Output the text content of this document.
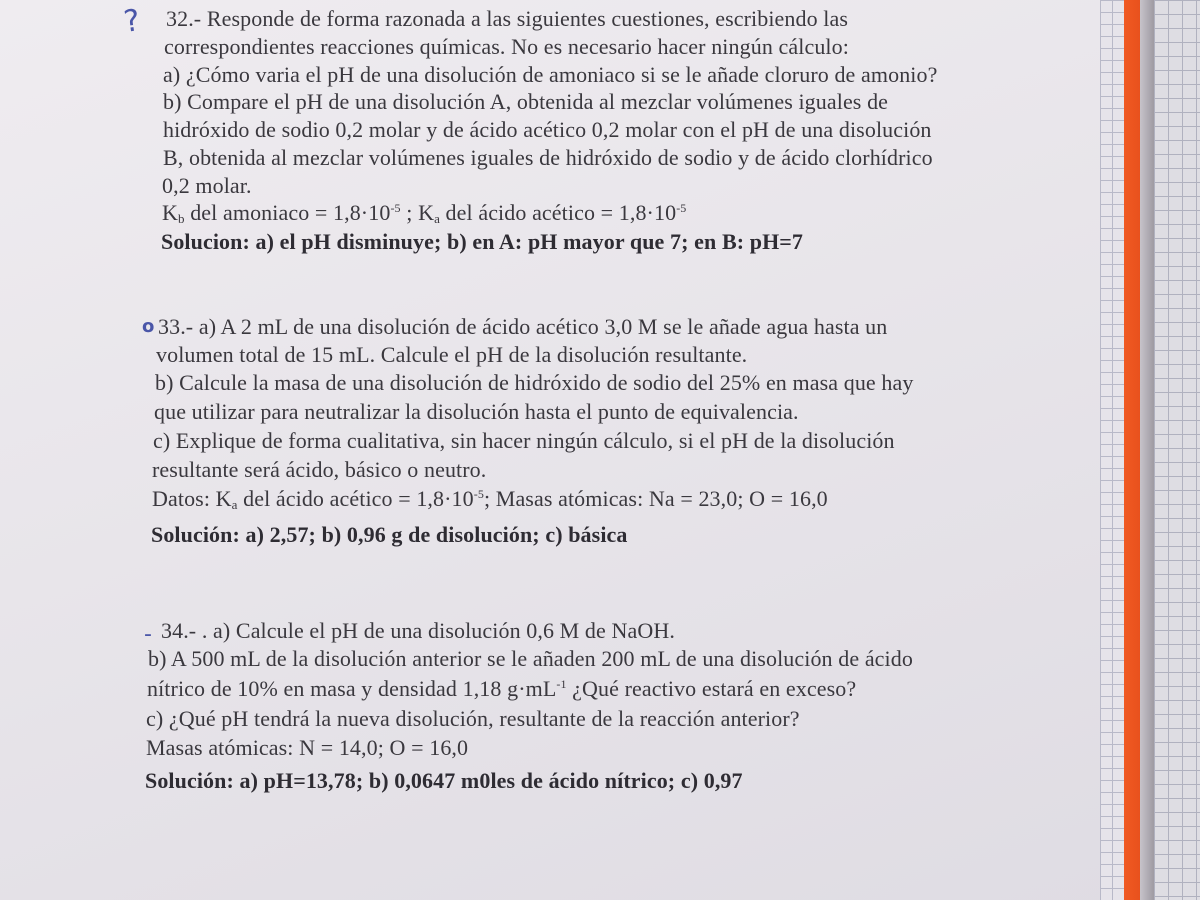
?
o
-
32.- Responde de forma razonada a las siguientes cuestiones, escribiendo las
correspondientes reacciones químicas. No es necesario hacer ningún cálculo:
a) ¿Cómo varia el pH de una disolución de amoniaco si se le añade cloruro de amonio?
b) Compare el pH de una disolución A, obtenida al mezclar volúmenes iguales de
hidróxido de sodio 0,2 molar y de ácido acético 0,2 molar con el pH de una disolución
B, obtenida al mezclar volúmenes iguales de hidróxido de sodio y de ácido clorhídrico
0,2 molar.
$K_b$ del amoniaco = $1,8\cdot 10^{-5}$ ; $K_a$ del ácido acético = $1,8\cdot 10^{-5}$
Solucion: a) el pH disminuye; b) en A: pH mayor que 7; en B: pH=7
33.- a) A 2 mL de una disolución de ácido acético 3,0 M se le añade agua hasta un
volumen total de 15 mL. Calcule el pH de la disolución resultante.
b) Calcule la masa de una disolución de hidróxido de sodio del 25% en masa que hay
que utilizar para neutralizar la disolución hasta el punto de equivalencia.
c) Explique de forma cualitativa, sin hacer ningún cálculo, si el pH de la disolución
resultante será ácido, básico o neutro.
Datos: $K_a$ del ácido acético = $1,8\cdot 10^{-5}$; Masas atómicas: Na = 23,0; O = 16,0
Solución: a) 2,57; b) 0,96 g de disolución; c) básica
34.- . a) Calcule el pH de una disolución 0,6 M de NaOH.
b) A 500 mL de la disolución anterior se le añaden 200 mL de una disolución de ácido
nítrico de 10% en masa y densidad 1,18 $g\cdot mL^{-1}$ ¿Qué reactivo estará en exceso?
c) ¿Qué pH tendrá la nueva disolución, resultante de la reacción anterior?
Masas atómicas: N = 14,0; O = 16,0
Solución: a) pH=13,78; b) 0,0647 m0les de ácido nítrico; c) 0,97
